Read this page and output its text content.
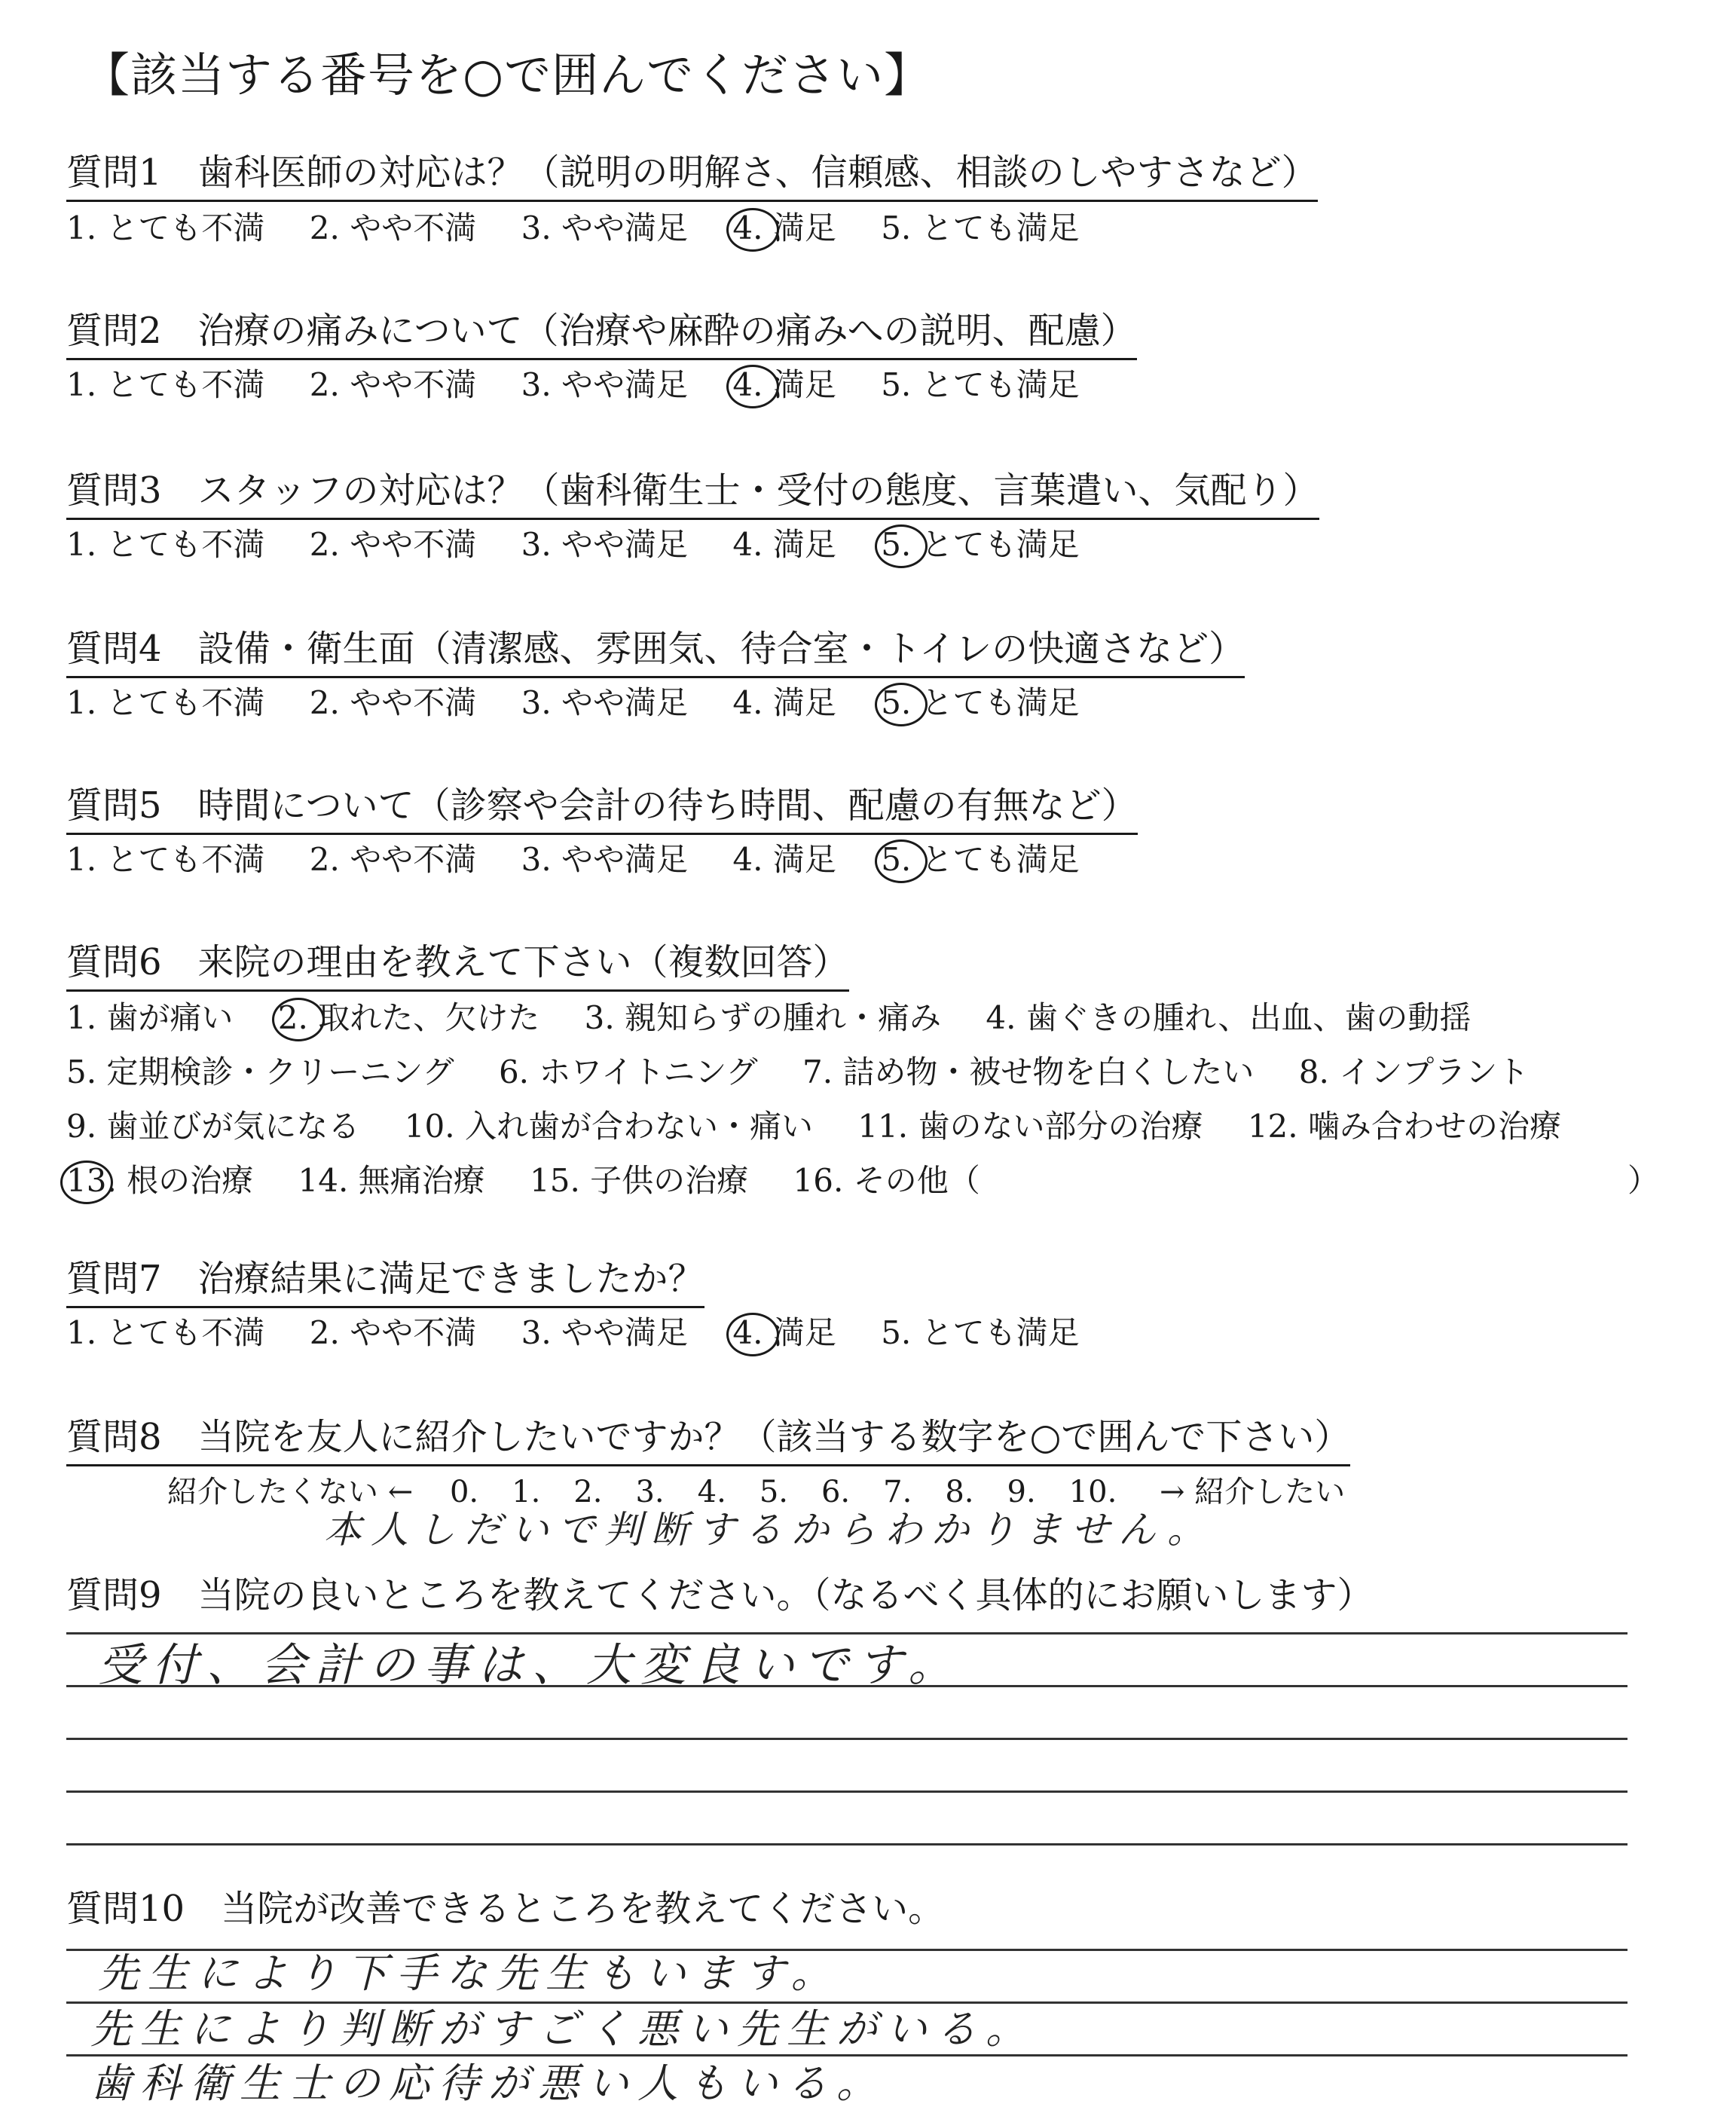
【該当する番号を○で囲んでください】
質問1　歯科医師の対応は？（説明の明解さ、信頼感、相談のしやすさなど）
1. とても不満 2. やや不満 3. やや満足 4. 満足 5. とても満足
質問2　治療の痛みについて（治療や麻酔の痛みへの説明、配慮）
1. とても不満 2. やや不満 3. やや満足 4. 満足 5. とても満足
質問3　スタッフの対応は？（歯科衛生士・受付の態度、言葉遣い、気配り）
1. とても不満 2. やや不満 3. やや満足 4. 満足 5. とても満足
質問4　設備・衛生面（清潔感、雰囲気、待合室・トイレの快適さなど）
1. とても不満 2. やや不満 3. やや満足 4. 満足 5. とても満足
質問5　時間について（診察や会計の待ち時間、配慮の有無など）
1. とても不満 2. やや不満 3. やや満足 4. 満足 5. とても満足
質問6　来院の理由を教えて下さい（複数回答）
1. 歯が痛い 2. 取れた、欠けた 3. 親知らずの腫れ・痛み 4. 歯ぐきの腫れ、出血、歯の動揺
5. 定期検診・クリーニング 6. ホワイトニング 7. 詰め物・被せ物を白くしたい 8. インプラント
9. 歯並びが気になる 10. 入れ歯が合わない・痛い 11. 歯のない部分の治療 12. 噛み合わせの治療
13. 根の治療 14. 無痛治療 15. 子供の治療 16. その他（	）
質問7　治療結果に満足できましたか？
1. とても不満 2. やや不満 3. やや満足 4. 満足 5. とても満足
質問8　当院を友人に紹介したいですか？（該当する数字を○で囲んで下さい）
紹介したくない ← 0. 1. 2. 3. 4. 5. 6. 7. 8. 9. 10. → 紹介したい
本人しだいで判断するからわかりません。
質問9　当院の良いところを教えてください。（なるべく具体的にお願いします）
受付、会計の事は、大変良いです。
質問10　当院が改善できるところを教えてください。
先生により下手な先生もいます。
先生により判断がすごく悪い先生がいる。
歯科衛生士の応待が悪い人もいる。
